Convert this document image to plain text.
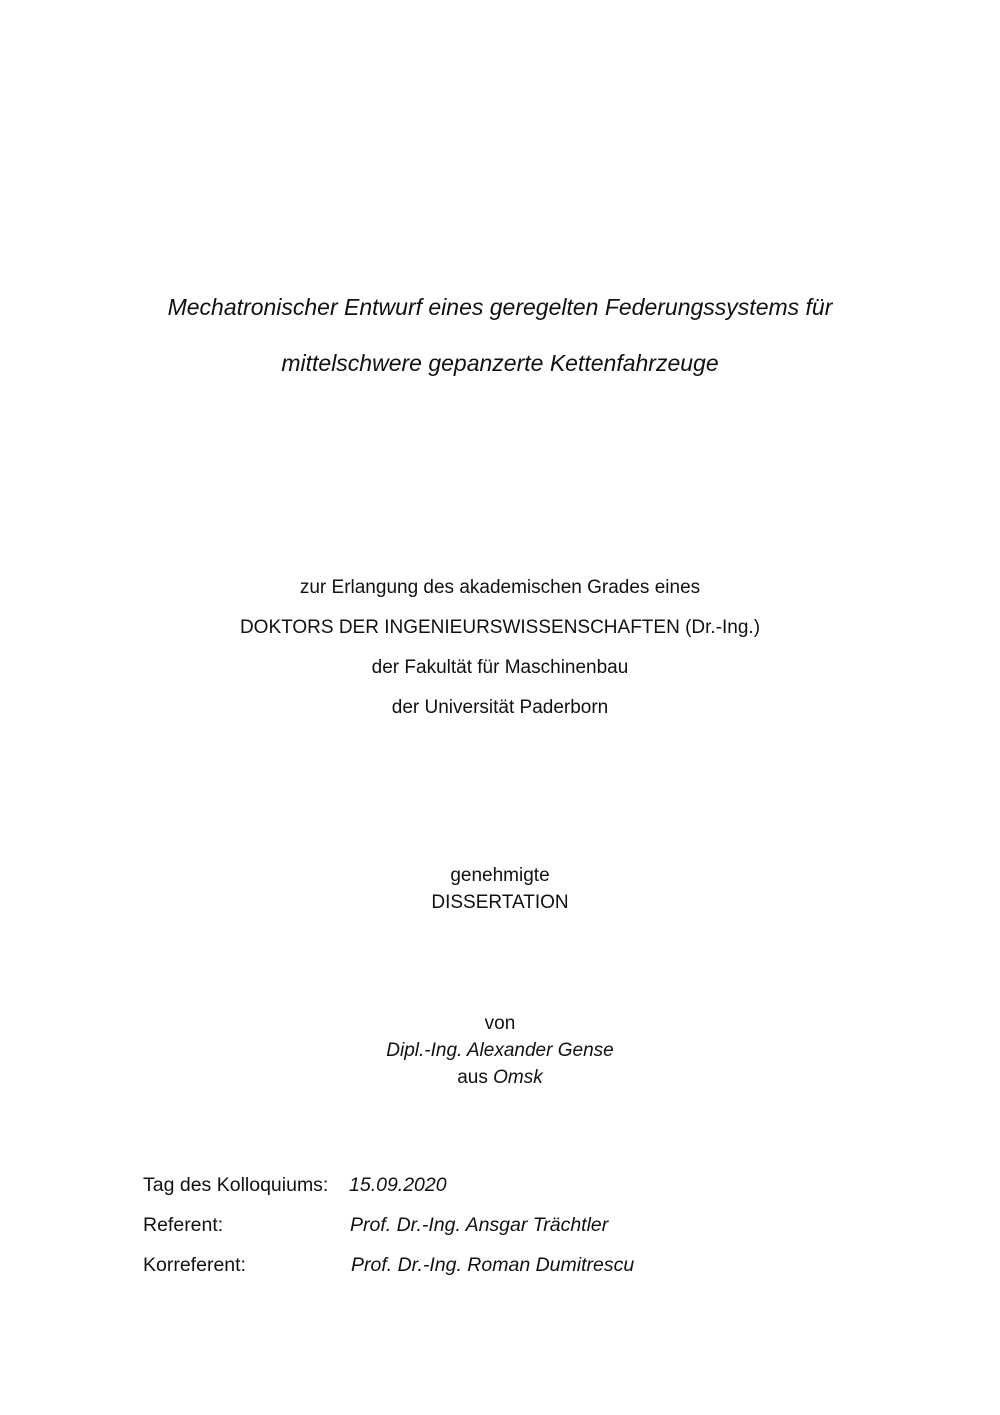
Mechatronischer Entwurf eines geregelten Federungssystems für
mittelschwere gepanzerte Kettenfahrzeuge
zur Erlangung des akademischen Grades eines
DOKTORS DER INGENIEURSWISSENSCHAFTEN (Dr.-Ing.)
der Fakultät für Maschinenbau
der Universität Paderborn
genehmigte
DISSERTATION
von
Dipl.-Ing. Alexander Gense
aus Omsk
Tag des Kolloquiums: 15.09.2020
Referent:	Prof. Dr.-Ing. Ansgar Trächtler
Korreferent:	Prof. Dr.-Ing. Roman Dumitrescu
